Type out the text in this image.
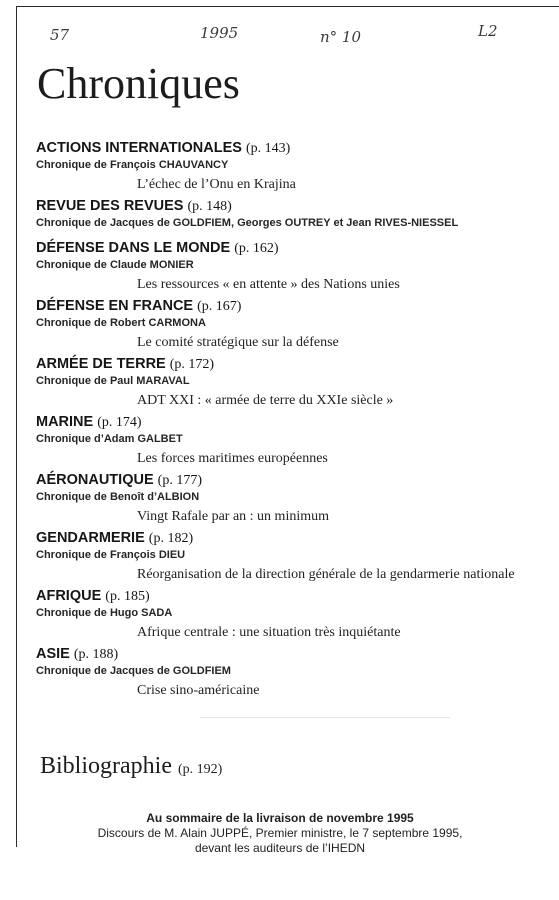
57	1995	n° 10	L2
Chroniques
ACTIONS INTERNATIONALES (p. 143)
Chronique de François CHAUVANCY
L’échec de l’Onu en Krajina
REVUE DES REVUES (p. 148)
Chronique de Jacques de GOLDFIEM, Georges OUTREY et Jean RIVES-NIESSEL
DÉFENSE DANS LE MONDE (p. 162)
Chronique de Claude MONIER
Les ressources « en attente » des Nations unies
DÉFENSE EN FRANCE (p. 167)
Chronique de Robert CARMONA
Le comité stratégique sur la défense
ARMÉE DE TERRE (p. 172)
Chronique de Paul MARAVAL
ADT XXI : « armée de terre du XXIe siècle »
MARINE (p. 174)
Chronique d’Adam GALBET
Les forces maritimes européennes
AÉRONAUTIQUE (p. 177)
Chronique de Benoît d’ALBION
Vingt Rafale par an : un minimum
GENDARMERIE (p. 182)
Chronique de François DIEU
Réorganisation de la direction générale de la gendarmerie nationale
AFRIQUE (p. 185)
Chronique de Hugo SADA
Afrique centrale : une situation très inquiétante
ASIE (p. 188)
Chronique de Jacques de GOLDFIEM
Crise sino-américaine
Bibliographie (p. 192)
Au sommaire de la livraison de novembre 1995
Discours de M. Alain JUPPÉ, Premier ministre, le 7 septembre 1995,
devant les auditeurs de l’IHEDN
